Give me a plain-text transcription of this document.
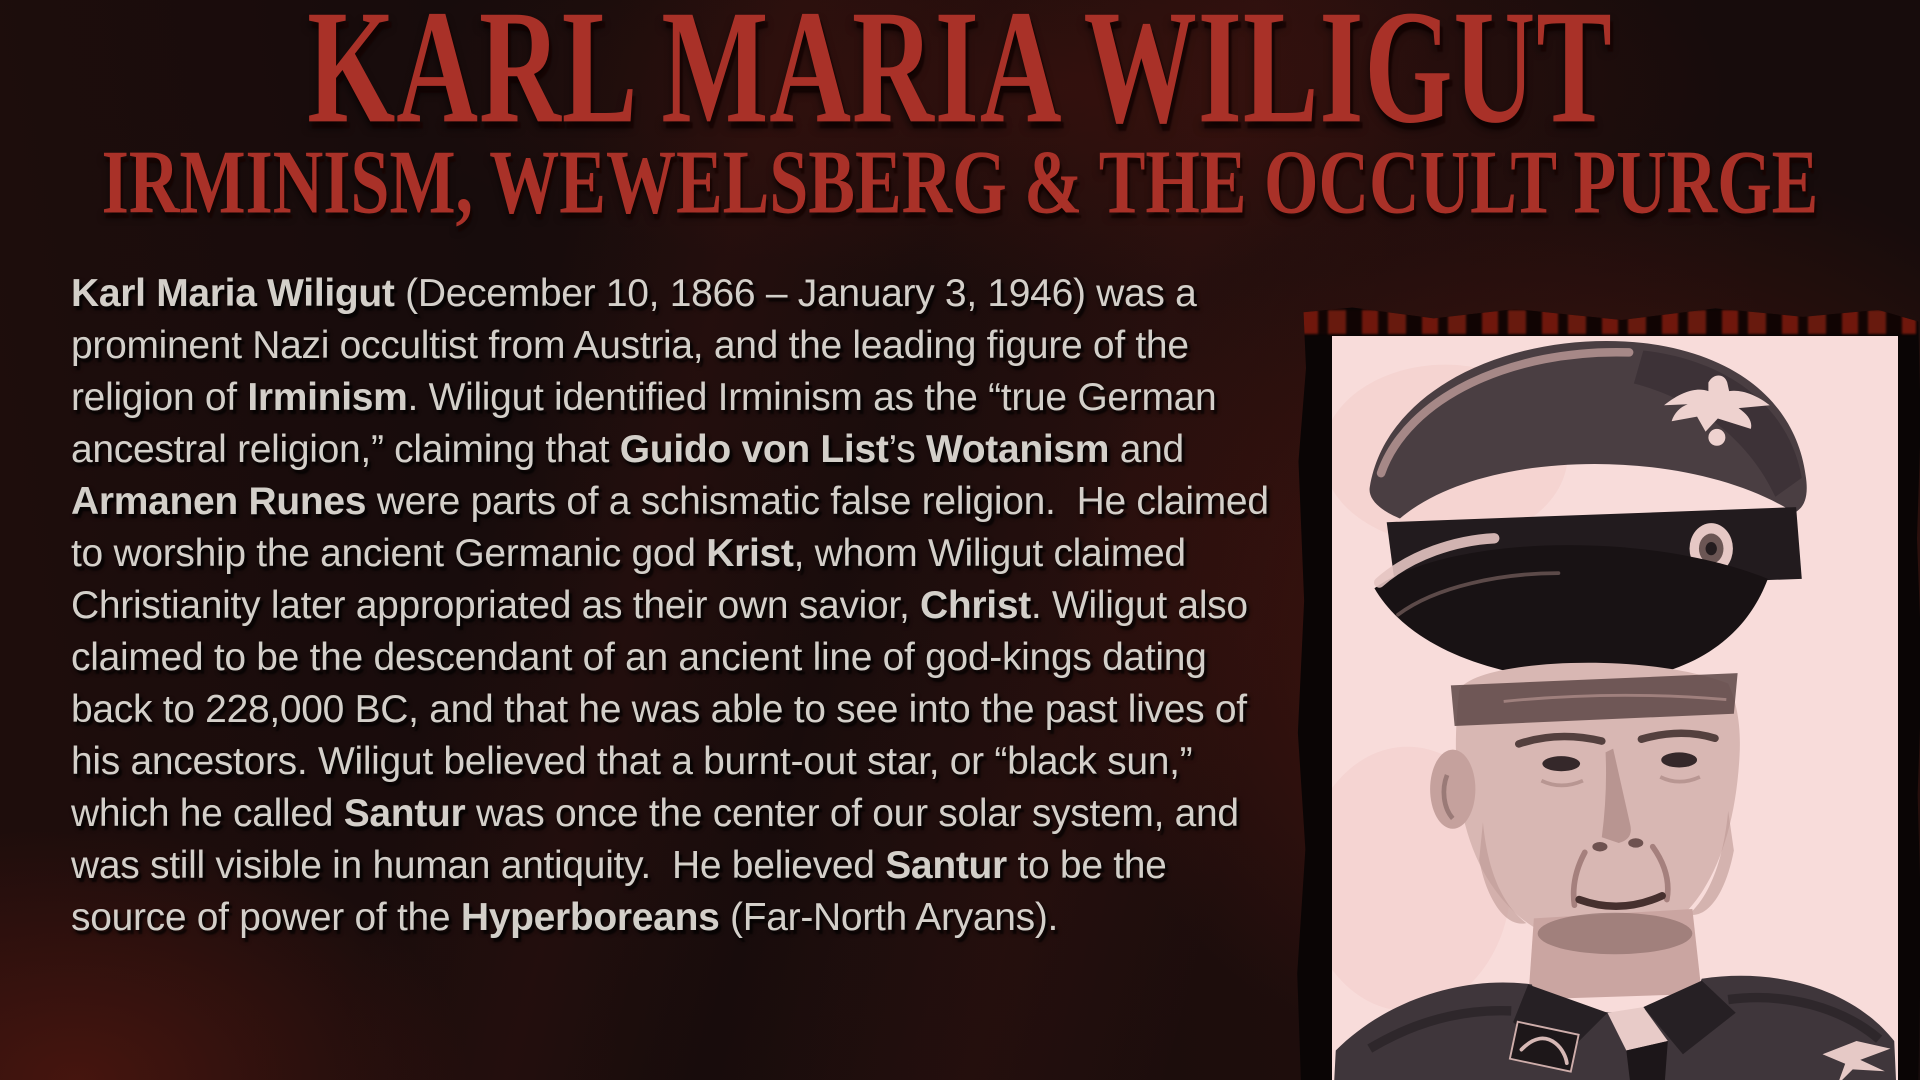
KARL MARIA WILIGUT
IRMINISM, WEWELSBERG & THE OCCULT PURGE
Karl Maria Wiligut (December 10, 1866 – January 3, 1946) was a prominent Nazi occultist from Austria, and the leading figure of the religion of Irminism. Wiligut identified Irminism as the “true German ancestral religion,” claiming that Guido von List’s Wotanism and Armanen Runes were parts of a schismatic false religion.  He claimed to worship the ancient Germanic god Krist, whom Wiligut claimed Christianity later appropriated as their own savior, Christ. Wiligut also claimed to be the descendant of an ancient line of god-kings dating back to 228,000 BC, and that he was able to see into the past lives of his ancestors. Wiligut believed that a burnt-out star, or “black sun,” which he called Santur was once the center of our solar system, and was still visible in human antiquity.  He believed Santur to be the source of power of the Hyperboreans (Far-North Aryans).
